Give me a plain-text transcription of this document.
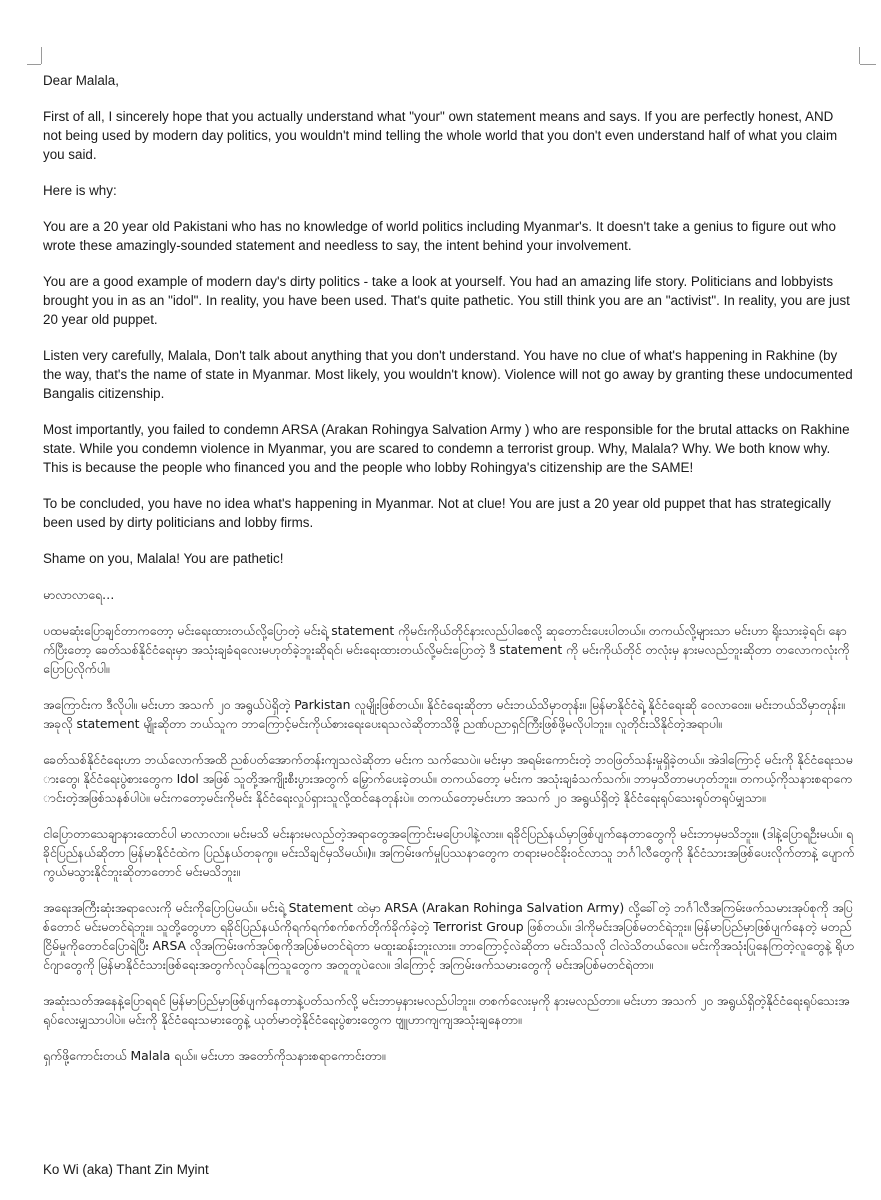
Dear Malala,

First of all, I sincerely hope that you actually understand what "your" own statement means and says. If you are perfectly honest, AND not being used by modern day politics, you wouldn't mind telling the whole world that you don't even understand half of what you claim you said.

Here is why:

You are a 20 year old Pakistani who has no knowledge of world politics including Myanmar's. It doesn't take a genius to figure out who wrote these amazingly-sounded statement and needless to say, the intent behind your involvement.

You are a good example of modern day's dirty politics - take a look at yourself. You had an amazing life story. Politicians and lobbyists brought you in as an "idol". In reality, you have been used. That's quite pathetic. You still think you are an "activist". In reality, you are just 20 year old puppet.

Listen very carefully, Malala, Don't talk about anything that you don't understand. You have no clue of what's happening in Rakhine (by the way, that's the name of state in Myanmar. Most likely, you wouldn't know). Violence will not go away by granting these undocumented Bangalis citizenship.

Most importantly, you failed to condemn ARSA (Arakan Rohingya Salvation Army ) who are responsible for the brutal attacks on Rakhine state. While you condemn violence in Myanmar, you are scared to condemn a terrorist group. Why, Malala? Why. We both know why. This is because the people who financed you and the people who lobby Rohingya's citizenship are the SAME!

To be concluded, you have no idea what's happening in Myanmar. Not at clue! You are just a 20 year old puppet that has strategically been used by dirty politicians and lobby firms.

Shame on you, Malala! You are pathetic!

မာလာလာရေ…

ပထမဆုံးပြောချင်တာကတော့ မင်းရေးထားတယ်လို့ပြောတဲ့ မင်းရဲ့ statement ကိုမင်းကိုယ်တိုင်နားလည်ပါစေလို့ ဆုတောင်းပေးပါတယ်။ တကယ်လို့များသာ မင်းဟာ ရိုးသားခဲ့ရင်၊ နောက်ပြီးတော့ ခေတ်သစ်နိုင်ငံရေးမှာ အသုံးချခံရလေးမဟုတ်ခဲ့ဘူးဆိုရင်၊ မင်းရေးထားတယ်လို့မင်းပြောတဲ့ ဒီ statement ကို မင်းကိုယ်တိုင် တလုံးမှ နားမလည်ဘူးဆိုတာ တလောကလုံးကိုပြောပြလိုက်ပါ။

အကြောင်းက ဒီလိုပါ။ မင်းဟာ အသက် ၂၀ အရွယ်ပဲရှိတဲ့ Parkistan လူမျိုးဖြစ်တယ်။ နိုင်ငံရေးဆိုတာ မင်းဘယ်သိမှာတုန်း။ မြန်မာနိုင်ငံရဲ့ နိုင်ငံရေးဆို ဝေလာဝေး။ မင်းဘယ်သိမှာတုန်း။ အခုလို statement မျိုးဆိုတာ ဘယ်သူက ဘာကြောင့်မင်းကိုယ်စားရေးပေးရသလဲဆိုတာသိဖို့ ညဏ်ပညာရှင်ကြီးဖြစ်ဖို့မလိုပါဘူး။ လူတိုင်းသိနိုင်တဲ့အရာပါ။

ခေတ်သစ်နိုင်ငံရေးဟာ ဘယ်လောက်အထိ ညစ်ပတ်အောက်တန်းကျသလဲဆိုတာ မင်းက သက်သေပဲ။ မင်းမှာ အရမ်းကောင်းတဲ့ ဘဝဖြတ်သန်းမှုရှိခဲ့တယ်။ အဲဒါကြောင့် မင်းကို နိုင်ငံရေးသမားတွေ၊ နိုင်ငံရေးပွဲစားတွေက Idol အဖြစ် သူတို့အကျိုးစီးပွားအတွက် မြှောက်ပေးခဲ့တယ်။ တကယ်တော့ မင်းက အသုံးချခံသက်သက်။ ဘာမှသိတာမဟုတ်ဘူး။ တကယ့်ကိုသနားစရာကောင်းတဲ့အဖြစ်သနစ်ပါပဲ။ မင်းကတော့မင်းကိုမင်း နိုင်ငံရေးလှုပ်ရှားသူလို့ထင်နေတုန်းပဲ။ တကယ်တော့မင်းဟာ အသက် ၂၀ အရွယ်ရှိတဲ့ နိုင်ငံရေးရုပ်သေးရုပ်တရုပ်မျှသာ။

ငါပြောတာသေချာနားထောင်ပါ မာလာလာ။ မင်းမသိ မင်းနားမလည်တဲ့အရာတွေအကြောင်းမပြောပါနဲ့လား။ ရခိုင်ပြည်နယ်မှာဖြစ်ပျက်နေတာတွေကို မင်းဘာမှမသိဘူး။ (ဒါနဲ့ပြောရဦးမယ်။ ရခိုင်ပြည်နယ်ဆိုတာ မြန်မာနိုင်ငံထဲက ပြည်နယ်တခုကွ။ မင်းသိချင်မှသိမယ်။)။ အကြမ်းဖက်မှုပြဿနာတွေက တရားမဝင်ခိုးဝင်လာသူ ဘင်္ဂါလီတွေကို နိုင်ငံသားအဖြစ်ပေးလိုက်တာနဲ့ ပျောက်ကွယ်မသွားနိုင်ဘူးဆိုတာတောင် မင်းမသိဘူး။

အရေးအကြီးဆုံးအရာလေးကို မင်းကိုပြောပြမယ်။ မင်းရဲ့ Statement ထဲမှာ ARSA (Arakan Rohinga Salvation Army) လို့ခေါ်တဲ့ ဘင်္ဂါလီအကြမ်းဖက်သမားအုပ်စုကို အပြစ်တောင် မင်းမတင်ရဲဘူး။ သူတို့တွေဟာ ရခိုင်ပြည်နယ်ကိုရက်ရက်စက်စက်တိုက်ခိုက်ခဲ့တဲ့ Terrorist Group ဖြစ်တယ်။ ဒါကိုမင်းအပြစ်မတင်ရဲဘူး။ မြန်မာပြည်မှာဖြစ်ပျက်နေတဲ့ မတည်ငြိမ်မှုကိုတောင်ပြောရဲပြီး ARSA လိုအကြမ်းဖက်အုပ်စုကိုအပြစ်မတင်ရဲတာ မထူးဆန်းဘူးလား။ ဘာကြောင့်လဲဆိုတာ မင်းသိသလို ငါလဲသိတယ်လေ။ မင်းကိုအသုံးပြုနေကြတဲ့လူတွေနဲ့ ရိုဟင်ဂျာတွေကို မြန်မာနိုင်ငံသားဖြစ်ရေးအတွက်လုပ်နေကြသူတွေက အတူတူပဲလေ။ ဒါကြောင့် အကြမ်းဖက်သမားတွေကို မင်းအပြစ်မတင်ရဲတာ။

အဆုံးသတ်အနေနဲ့ပြောရရင် မြန်မာပြည်မှာဖြစ်ပျက်နေတာနဲ့ပတ်သက်လို့ မင်းဘာမှနားမလည်ပါဘူး။ တစက်လေးမှကို နားမလည်တာ။ မင်းဟာ အသက် ၂၀ အရွယ်ရှိတဲ့နိုင်ငံရေးရုပ်သေးအရုပ်လေးမျှသာပါပဲ။ မင်းကို နိုင်ငံရေးသမားတွေနဲ့ ယုတ်မာတဲ့နိုင်ငံရေးပွဲစားတွေက ဗျူဟာကျကျအသုံးချနေတာ။

ရှက်ဖို့ကောင်းတယ် Malala ရယ်။ မင်းဟာ အတော်ကိုသနားစရာကောင်းတာ။

Ko Wi (aka) Thant Zin Myint
